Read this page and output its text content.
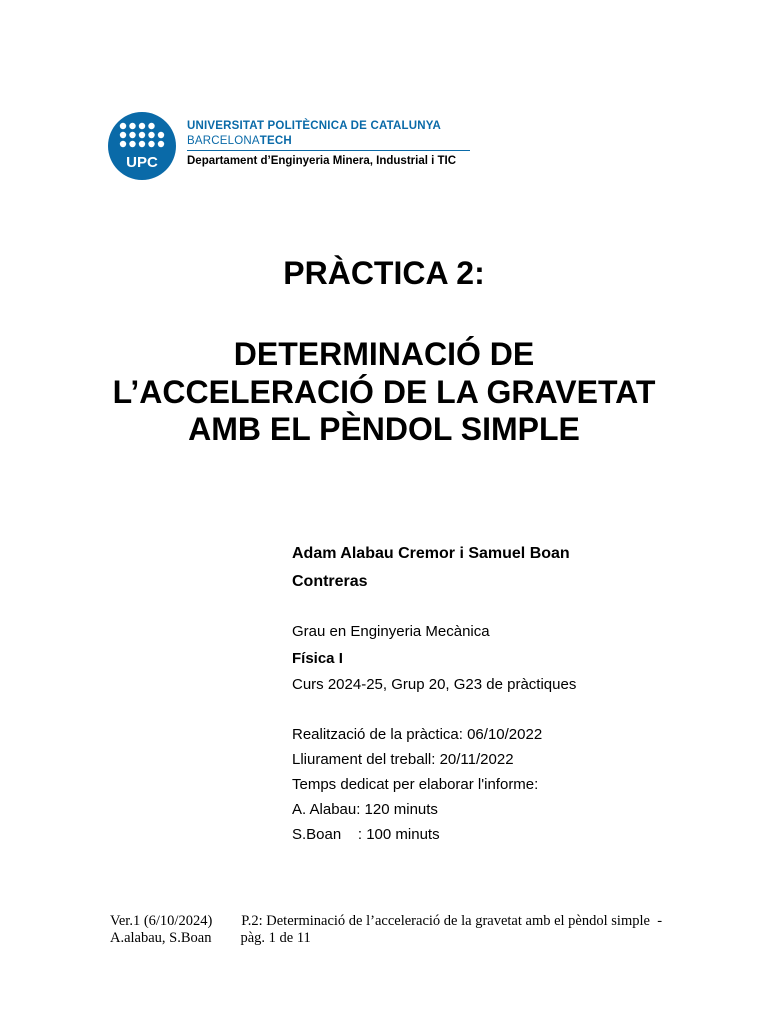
UPC
UNIVERSITAT POLITÈCNICA DE CATALUNYA
BARCELONATECH
Departament d’Enginyeria Minera, Industrial i TIC
PRÀCTICA 2:
DETERMINACIÓ DE L’ACCELERACIÓ DE LA GRAVETAT AMB EL PÈNDOL SIMPLE
Adam Alabau Cremor i Samuel Boan Contreras
Grau en Enginyeria Mecànica
Física I
Curs 2024-25, Grup 20, G23 de pràctiques
Realització de la pràctica: 06/10/2022
Lliurament del treball: 20/11/2022
Temps dedicat per elaborar l'informe:
A. Alabau: 120 minuts
S.Boan    : 100 minuts
Ver.1 (6/10/2024)        P.2: Determinació de l’acceleració de la gravetat amb el pèndol simple  - A.alabau, S.Boan        pàg. 1 de 11
